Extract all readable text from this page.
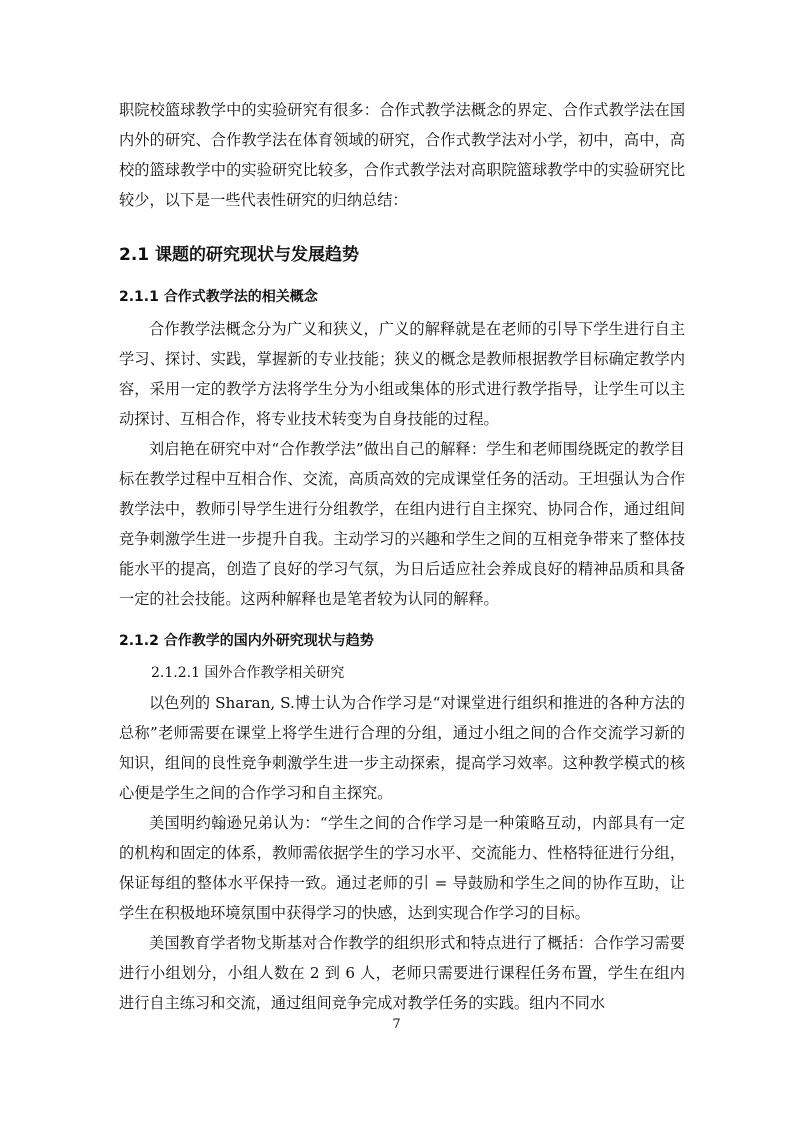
职院校篮球教学中的实验研究有很多：合作式教学法概念的界定、合作式教学法在国内外的研究、合作教学法在体育领域的研究，合作式教学法对小学，初中，高中，高校的篮球教学中的实验研究比较多，合作式教学法对高职院篮球教学中的实验研究比较少，以下是一些代表性研究的归纳总结：

2.1 课题的研究现状与发展趋势
2.1.1 合作式教学法的相关概念

合作教学法概念分为广义和狭义，广义的解释就是在老师的引导下学生进行自主学习、探讨、实践，掌握新的专业技能；狭义的概念是教师根据教学目标确定教学内容，采用一定的教学方法将学生分为小组或集体的形式进行教学指导，让学生可以主动探讨、互相合作，将专业技术转变为自身技能的过程。

刘启艳在研究中对“合作教学法”做出自己的解释：学生和老师围绕既定的教学目标在教学过程中互相合作、交流，高质高效的完成课堂任务的活动。王坦强认为合作教学法中，教师引导学生进行分组教学，在组内进行自主探究、协同合作，通过组间竞争刺激学生进一步提升自我。主动学习的兴趣和学生之间的互相竞争带来了整体技能水平的提高，创造了良好的学习气氛，为日后适应社会养成良好的精神品质和具备一定的社会技能。这两种解释也是笔者较为认同的解释。

2.1.2 合作教学的国内外研究现状与趋势
2.1.2.1 国外合作教学相关研究

以色列的 Sharan, S.博士认为合作学习是“对课堂进行组织和推进的各种方法的总称”老师需要在课堂上将学生进行合理的分组，通过小组之间的合作交流学习新的知识，组间的良性竞争刺激学生进一步主动探索，提高学习效率。这种教学模式的核心便是学生之间的合作学习和自主探究。

美国明约翰逊兄弟认为：“学生之间的合作学习是一种策略互动，内部具有一定的机构和固定的体系，教师需依据学生的学习水平、交流能力、性格特征进行分组，保证每组的整体水平保持一致。通过老师的引 = 导鼓励和学生之间的协作互助，让学生在积极地环境氛围中获得学习的快感，达到实现合作学习的目标。

美国教育学者物戈斯基对合作教学的组织形式和特点进行了概括：合作学习需要进行小组划分，小组人数在 2 到 6 人，老师只需要进行课程任务布置，学生在组内进行自主练习和交流，通过组间竞争完成对教学任务的实践。组内不同水

7
